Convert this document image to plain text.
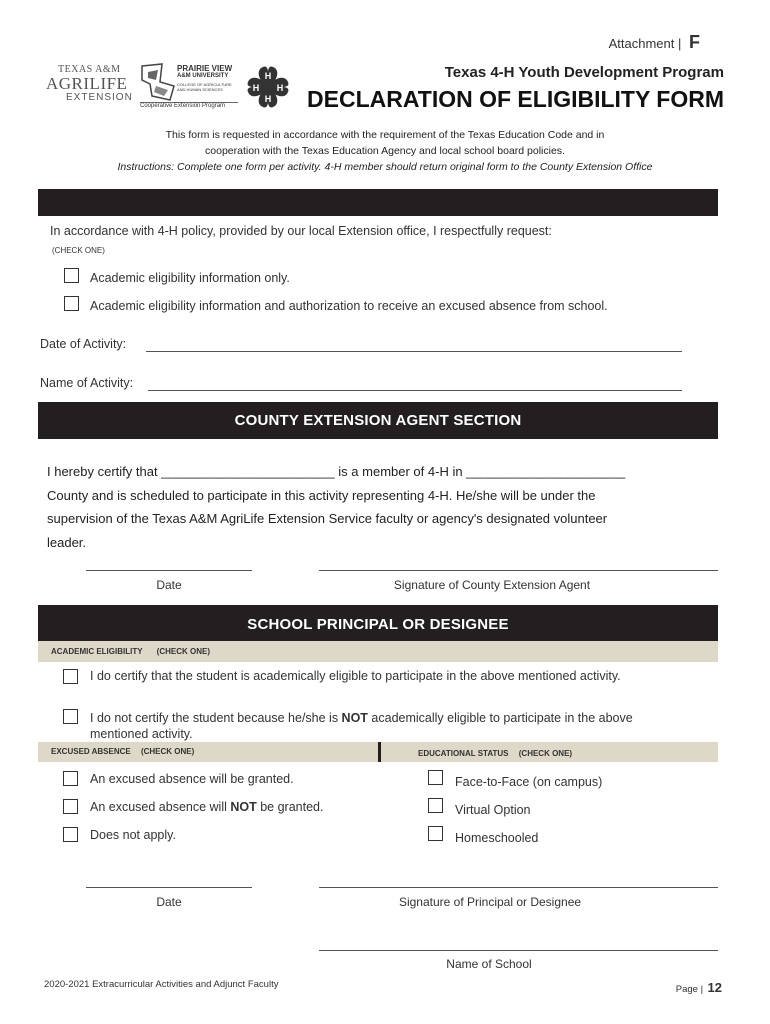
Attachment | F
TEXAS A&M
AGRILIFE
EXTENSION
PRAIRIE VIEW
A&M UNIVERSITY
COLLEGE OF AGRICULTURE
AND HUMAN SCIENCES
Cooperative Extension Program
H
H
H
H
Texas 4-H Youth Development Program
DECLARATION OF ELIGIBILITY FORM
This form is requested in accordance with the requirement of the Texas Education Code and in
cooperation with the Texas Education Agency and local school board policies.
Instructions: Complete one form per activity. 4-H member should return original form to the County Extension Office
In accordance with 4-H policy, provided by our local Extension office, I respectfully request:
(CHECK ONE)
Academic eligibility information only.
Academic eligibility information and authorization to receive an excused absence from school.
Date of Activity:
Name of Activity:
COUNTY EXTENSION AGENT SECTION
I hereby certify that ________________________ is a member of 4-H in ______________________
County and is scheduled to participate in this activity representing 4-H. He/she will be under the
supervision of the Texas A&M AgriLife Extension Service faculty or agency's designated volunteer
leader.
Date	Signature of County Extension Agent
SCHOOL PRINCIPAL OR DESIGNEE
ACADEMIC ELIGIBILITY (CHECK ONE)
I do certify that the student is academically eligible to participate in the above mentioned activity.
I do not certify the student because he/she is NOT academically eligible to participate in the above
mentioned activity.
EXCUSED ABSENCE (CHECK ONE)	EDUCATIONAL STATUS (CHECK ONE)
An excused absence will be granted.
An excused absence will NOT be granted.
Does not apply.
Face-to-Face (on campus)
Virtual Option
Homeschooled
Date	Signature of Principal or Designee
Name of School
2020-2021 Extracurricular Activities and Adjunct Faculty	Page | 12
